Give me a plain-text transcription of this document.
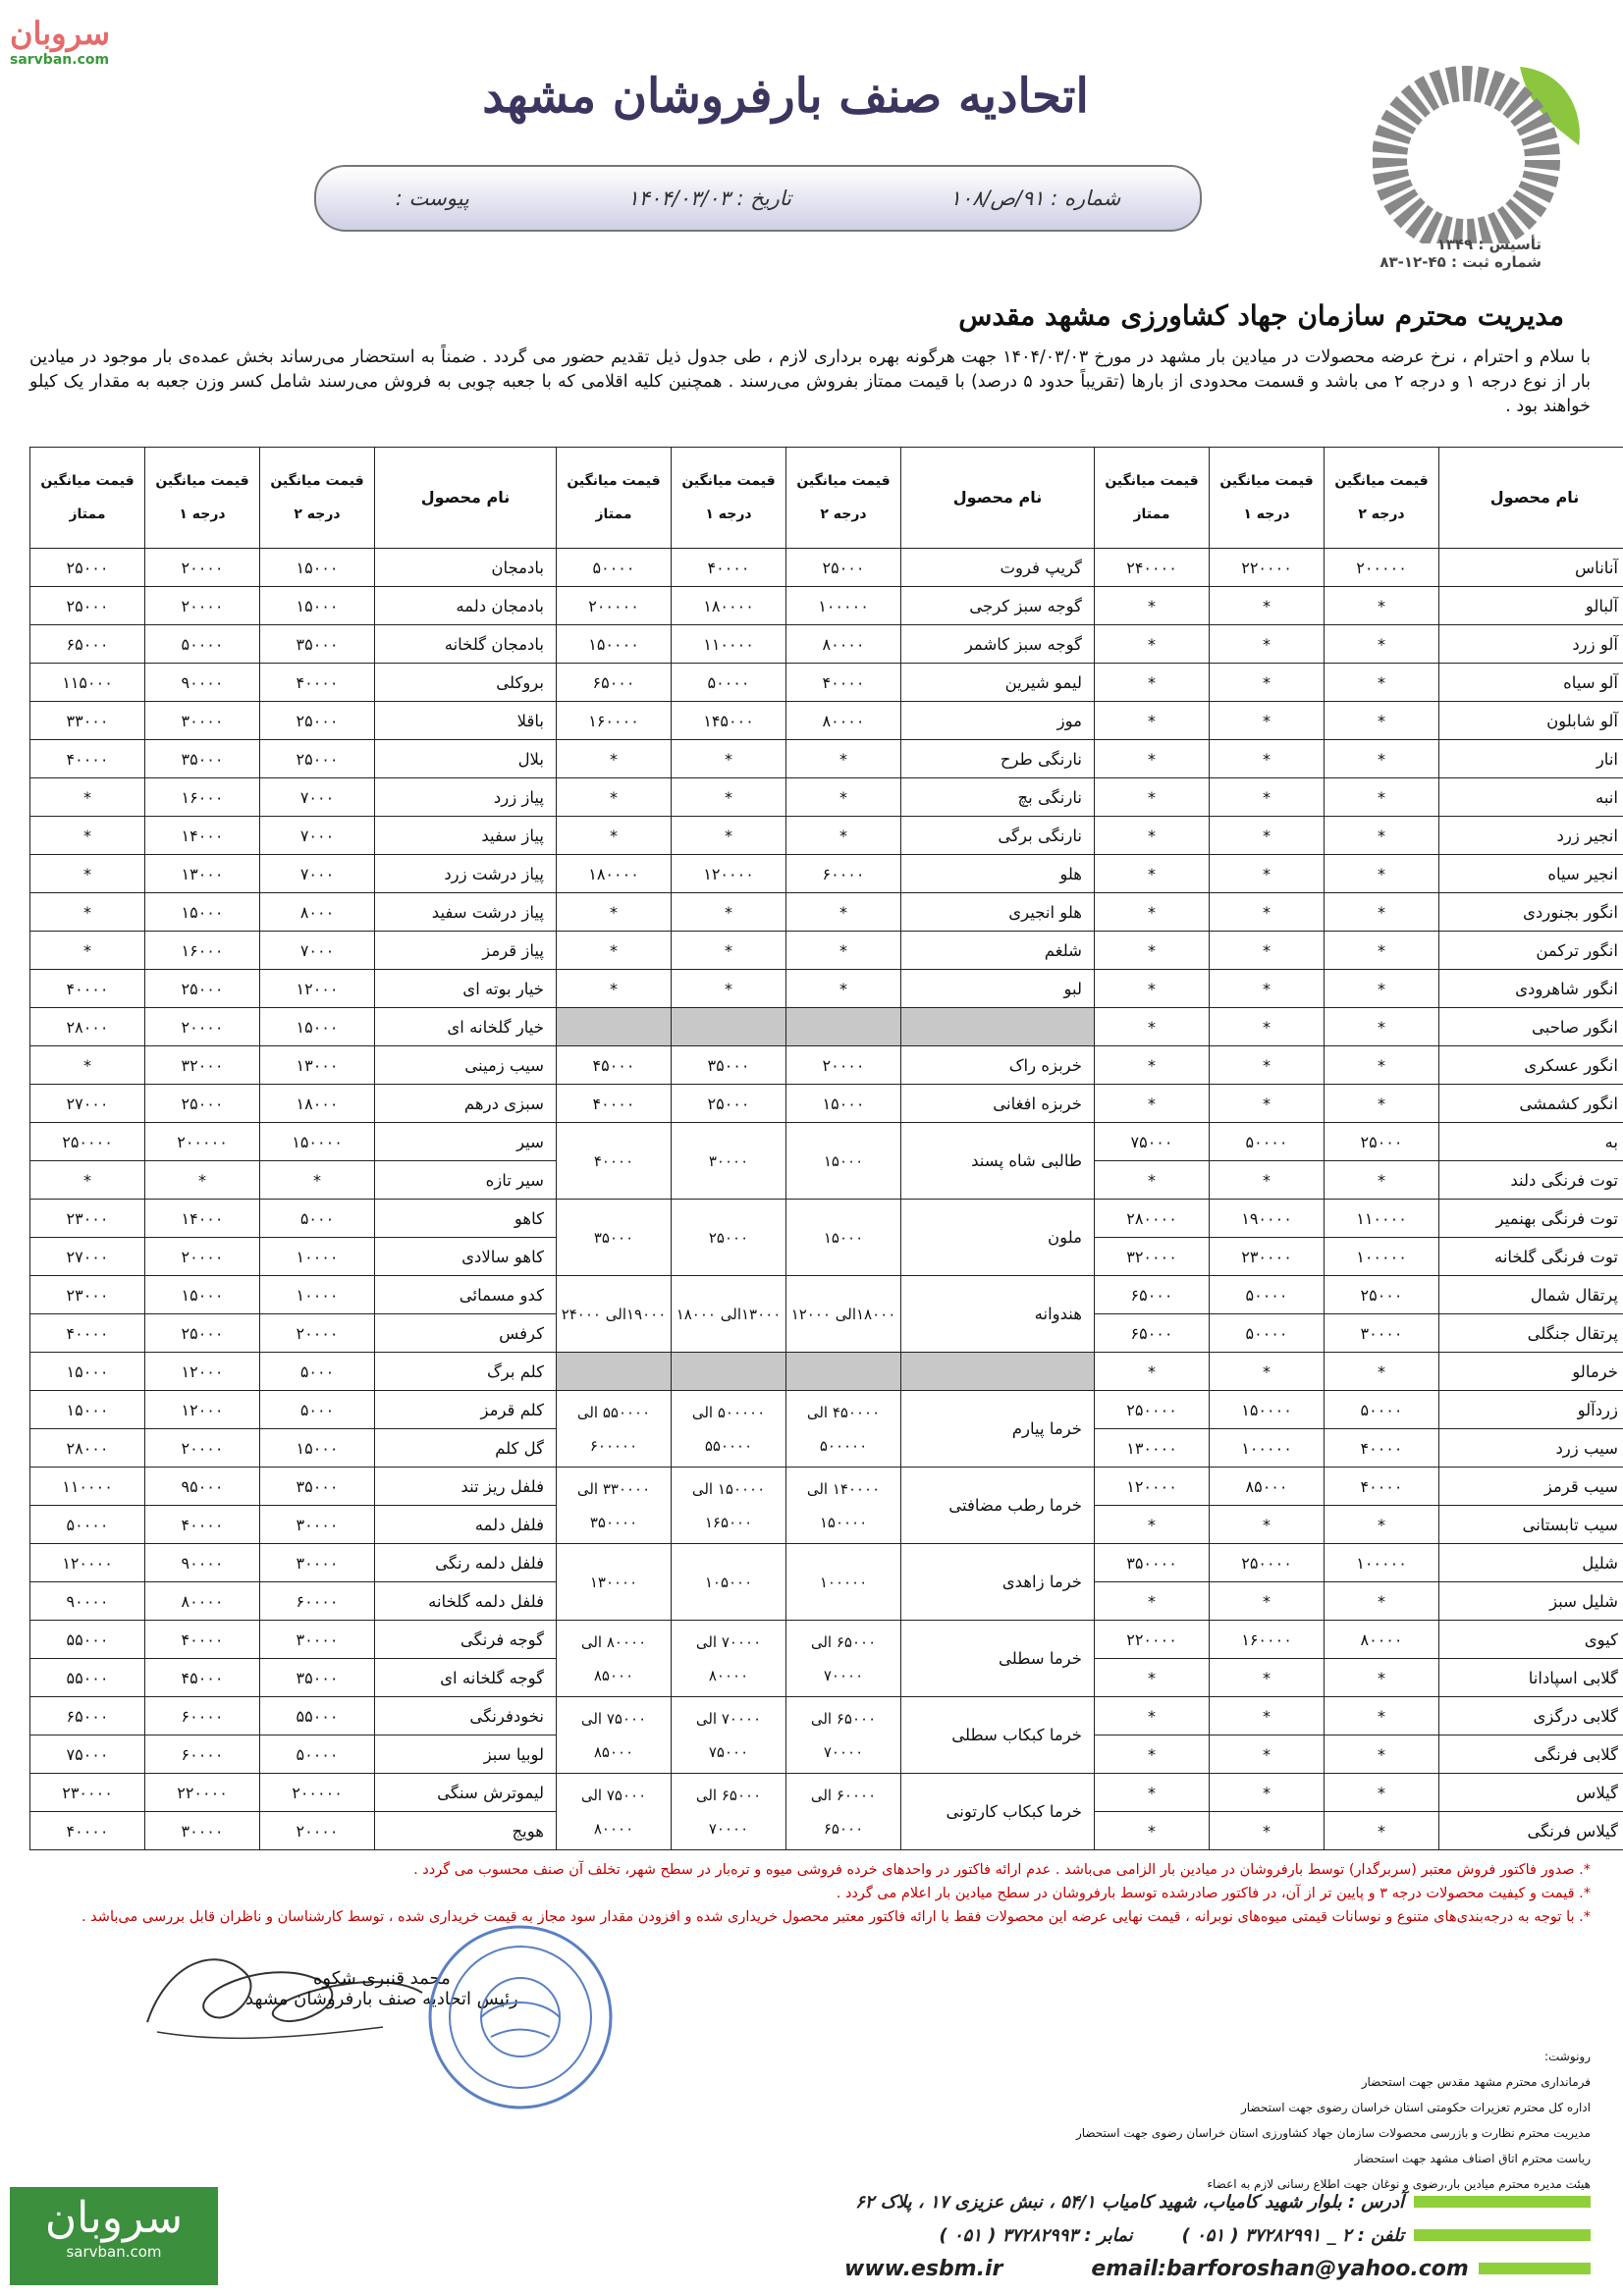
سروبان
sarvban.com
سروبان
sarvban.com
اتحادیه صنف بارفروشان مشهد
شماره : ۹۱/ص/۱۰۸
تاریخ : ۱۴۰۴/۰۳/۰۳
پیوست :
تأسیس : ۱۳۴۹
شماره ثبت : ۴۵-۱۲-۸۳
مدیریت محترم سازمان جهاد کشاورزی مشهد مقدس
با سلام و احترام ، نرخ عرضه محصولات در میادین بار مشهد در مورخ ۱۴۰۴/۰۳/۰۳ جهت هرگونه بهره برداری لازم ، طی جدول ذیل تقدیم حضور می گردد . ضمناً به استحضار می‌رساند بخش عمده‌ی بار موجود در میادین بار از نوع درجه ۱ و درجه ۲ می باشد و قسمت محدودی از بارها (تقریباً حدود ۵ درصد) با قیمت ممتاز بفروش می‌رسند . همچنین کلیه اقلامی که با جعبه چوبی به فروش می‌رسند شامل کسر وزن جعبه به مقدار یک کیلو خواهند بود .
نام محصول	قیمت میانگین درجه ۲	قیمت میانگین درجه ۱	قیمت میانگین ممتاز	نام محصول	قیمت میانگین درجه ۲	قیمت میانگین درجه ۱	قیمت میانگین ممتاز	نام محصول	قیمت میانگین درجه ۲	قیمت میانگین درجه ۱	قیمت میانگین ممتاز
آناناس	۲۰۰۰۰۰	۲۲۰۰۰۰	۲۴۰۰۰۰	گریپ فروت	۲۵۰۰۰	۴۰۰۰۰	۵۰۰۰۰	بادمجان	۱۵۰۰۰	۲۰۰۰۰	۲۵۰۰۰
آلبالو	*	*	*	گوجه سبز کرجی	۱۰۰۰۰۰	۱۸۰۰۰۰	۲۰۰۰۰۰	بادمجان دلمه	۱۵۰۰۰	۲۰۰۰۰	۲۵۰۰۰
آلو زرد	*	*	*	گوجه سبز کاشمر	۸۰۰۰۰	۱۱۰۰۰۰	۱۵۰۰۰۰	بادمجان گلخانه	۳۵۰۰۰	۵۰۰۰۰	۶۵۰۰۰
آلو سیاه	*	*	*	لیمو شیرین	۴۰۰۰۰	۵۰۰۰۰	۶۵۰۰۰	بروکلی	۴۰۰۰۰	۹۰۰۰۰	۱۱۵۰۰۰
آلو شابلون	*	*	*	موز	۸۰۰۰۰	۱۴۵۰۰۰	۱۶۰۰۰۰	باقلا	۲۵۰۰۰	۳۰۰۰۰	۳۳۰۰۰
انار	*	*	*	نارنگی طرح	*	*	*	بلال	۲۵۰۰۰	۳۵۰۰۰	۴۰۰۰۰
انبه	*	*	*	نارنگی بچ	*	*	*	پیاز زرد	۷۰۰۰	۱۶۰۰۰	*
انجیر زرد	*	*	*	نارنگی برگی	*	*	*	پیاز سفید	۷۰۰۰	۱۴۰۰۰	*
انجیر سیاه	*	*	*	هلو	۶۰۰۰۰	۱۲۰۰۰۰	۱۸۰۰۰۰	پیاز درشت زرد	۷۰۰۰	۱۳۰۰۰	*
انگور بجنوردی	*	*	*	هلو انجیری	*	*	*	پیاز درشت سفید	۸۰۰۰	۱۵۰۰۰	*
انگور ترکمن	*	*	*	شلغم	*	*	*	پیاز قرمز	۷۰۰۰	۱۶۰۰۰	*
انگور شاهرودی	*	*	*	لبو	*	*	*	خیار بوته ای	۱۲۰۰۰	۲۵۰۰۰	۴۰۰۰۰
انگور صاحبی	*	*	*					خیار گلخانه ای	۱۵۰۰۰	۲۰۰۰۰	۲۸۰۰۰
انگور عسکری	*	*	*	خربزه راک	۲۰۰۰۰	۳۵۰۰۰	۴۵۰۰۰	سیب زمینی	۱۳۰۰۰	۳۲۰۰۰	*
انگور کشمشی	*	*	*	خربزه افغانی	۱۵۰۰۰	۲۵۰۰۰	۴۰۰۰۰	سبزی درهم	۱۸۰۰۰	۲۵۰۰۰	۲۷۰۰۰
به	۲۵۰۰۰	۵۰۰۰۰	۷۵۰۰۰	طالبی شاه پسند	۱۵۰۰۰	۳۰۰۰۰	۴۰۰۰۰	سیر	۱۵۰۰۰۰	۲۰۰۰۰۰	۲۵۰۰۰۰
توت فرنگی دلند	*	*	*					سیر تازه	*	*	*
توت فرنگی بهنمیر	۱۱۰۰۰۰	۱۹۰۰۰۰	۲۸۰۰۰۰	ملون	۱۵۰۰۰	۲۵۰۰۰	۳۵۰۰۰	کاهو	۵۰۰۰	۱۴۰۰۰	۲۳۰۰۰
توت فرنگی گلخانه	۱۰۰۰۰۰	۲۳۰۰۰۰	۳۲۰۰۰۰					کاهو سالادی	۱۰۰۰۰	۲۰۰۰۰	۲۷۰۰۰
پرتقال شمال	۲۵۰۰۰	۵۰۰۰۰	۶۵۰۰۰	هندوانه	۱۸۰۰۰الی ۱۲۰۰۰	۱۳۰۰۰الی ۱۸۰۰۰	۱۹۰۰۰الی ۲۴۰۰۰	کدو مسمائی	۱۰۰۰۰	۱۵۰۰۰	۲۳۰۰۰
پرتقال جنگلی	۳۰۰۰۰	۵۰۰۰۰	۶۵۰۰۰					کرفس	۲۰۰۰۰	۲۵۰۰۰	۴۰۰۰۰
خرمالو	*	*	*					کلم برگ	۵۰۰۰	۱۲۰۰۰	۱۵۰۰۰
زردآلو	۵۰۰۰۰	۱۵۰۰۰۰	۲۵۰۰۰۰	خرما پیارم	۴۵۰۰۰۰ الی ۵۰۰۰۰۰	۵۰۰۰۰۰ الی ۵۵۰۰۰۰	۵۵۰۰۰۰ الی ۶۰۰۰۰۰	کلم قرمز	۵۰۰۰	۱۲۰۰۰	۱۵۰۰۰
سیب زرد	۴۰۰۰۰	۱۰۰۰۰۰	۱۳۰۰۰۰					گل کلم	۱۵۰۰۰	۲۰۰۰۰	۲۸۰۰۰
سیب قرمز	۴۰۰۰۰	۸۵۰۰۰	۱۲۰۰۰۰	خرما رطب مضافتی	۱۴۰۰۰۰ الی ۱۵۰۰۰۰	۱۵۰۰۰۰ الی ۱۶۵۰۰۰	۳۳۰۰۰۰ الی ۳۵۰۰۰۰	فلفل ریز تند	۳۵۰۰۰	۹۵۰۰۰	۱۱۰۰۰۰
سیب تابستانی	*	*	*					فلفل دلمه	۳۰۰۰۰	۴۰۰۰۰	۵۰۰۰۰
شلیل	۱۰۰۰۰۰	۲۵۰۰۰۰	۳۵۰۰۰۰	خرما زاهدی	۱۰۰۰۰۰	۱۰۵۰۰۰	۱۳۰۰۰۰	فلفل دلمه رنگی	۳۰۰۰۰	۹۰۰۰۰	۱۲۰۰۰۰
شلیل سبز	*	*	*					فلفل دلمه گلخانه	۶۰۰۰۰	۸۰۰۰۰	۹۰۰۰۰
کیوی	۸۰۰۰۰	۱۶۰۰۰۰	۲۲۰۰۰۰	خرما سطلی	۶۵۰۰۰ الی ۷۰۰۰۰	۷۰۰۰۰ الی ۸۰۰۰۰	۸۰۰۰۰ الی ۸۵۰۰۰	گوجه فرنگی	۳۰۰۰۰	۴۰۰۰۰	۵۵۰۰۰
گلابی اسپادانا	*	*	*					گوجه گلخانه ای	۳۵۰۰۰	۴۵۰۰۰	۵۵۰۰۰
گلابی درگزی	*	*	*	خرما کبکاب سطلی	۶۵۰۰۰ الی ۷۰۰۰۰	۷۰۰۰۰ الی ۷۵۰۰۰	۷۵۰۰۰ الی ۸۵۰۰۰	نخودفرنگی	۵۵۰۰۰	۶۰۰۰۰	۶۵۰۰۰
گلابی فرنگی	*	*	*					لوبیا سبز	۵۰۰۰۰	۶۰۰۰۰	۷۵۰۰۰
گیلاس	*	*	*	خرما کبکاب کارتونی	۶۰۰۰۰ الی ۶۵۰۰۰	۶۵۰۰۰ الی ۷۰۰۰۰	۷۵۰۰۰ الی ۸۰۰۰۰	لیموترش سنگی	۲۰۰۰۰۰	۲۲۰۰۰۰	۲۳۰۰۰۰
گیلاس فرنگی	*	*	*					هویج	۲۰۰۰۰	۳۰۰۰۰	۴۰۰۰۰
*. صدور فاکتور فروش معتبر (سربرگدار) توسط بارفروشان در میادین بار الزامی می‌باشد . عدم ارائه فاکتور در واحدهای خرده فروشی میوه و تره‌بار در سطح شهر، تخلف آن صنف محسوب می گردد .
*. قیمت و کیفیت محصولات درجه ۳ و پایین تر از آن، در فاکتور صادرشده توسط بارفروشان در سطح میادین بار اعلام می گردد .
*. با توجه به درجه‌بندی‌های متنوع و نوسانات قیمتی میوه‌های نوبرانه ، قیمت نهایی عرضه این محصولات فقط با ارائه فاکتور معتبر محصول خریداری شده و افزودن مقدار سود مجاز به قیمت خریداری شده ، توسط کارشناسان و ناظران قابل بررسی می‌باشد .
محمد قنبری شکوه
رئیس اتحادیه صنف بارفروشان مشهد
رونوشت:
فرمانداری محترم مشهد مقدس جهت استحضار
اداره کل محترم تعزیرات حکومتی استان خراسان رضوی جهت استحضار
مدیریت محترم نظارت و بازرسی محصولات سازمان جهاد کشاورزی استان خراسان رضوی جهت استحضار
ریاست محترم اتاق اصناف مشهد جهت استحضار
هیئت مدیره محترم میادین بار،رضوی و نوغان جهت اطلاع رسانی لازم به اعضاء
آدرس : بلوار شهید کامیاب، شهید کامیاب ۵۴/۱ ، نبش عزیزی ۱۷ ، پلاک ۶۲
تلفن : ۲ _ ۳۷۲۸۲۹۹۱ ( ۰۵۱ )
نمابر : ۳۷۲۸۲۹۹۳ ( ۰۵۱ )
email:barforoshan@yahoo.com
www.esbm.ir
